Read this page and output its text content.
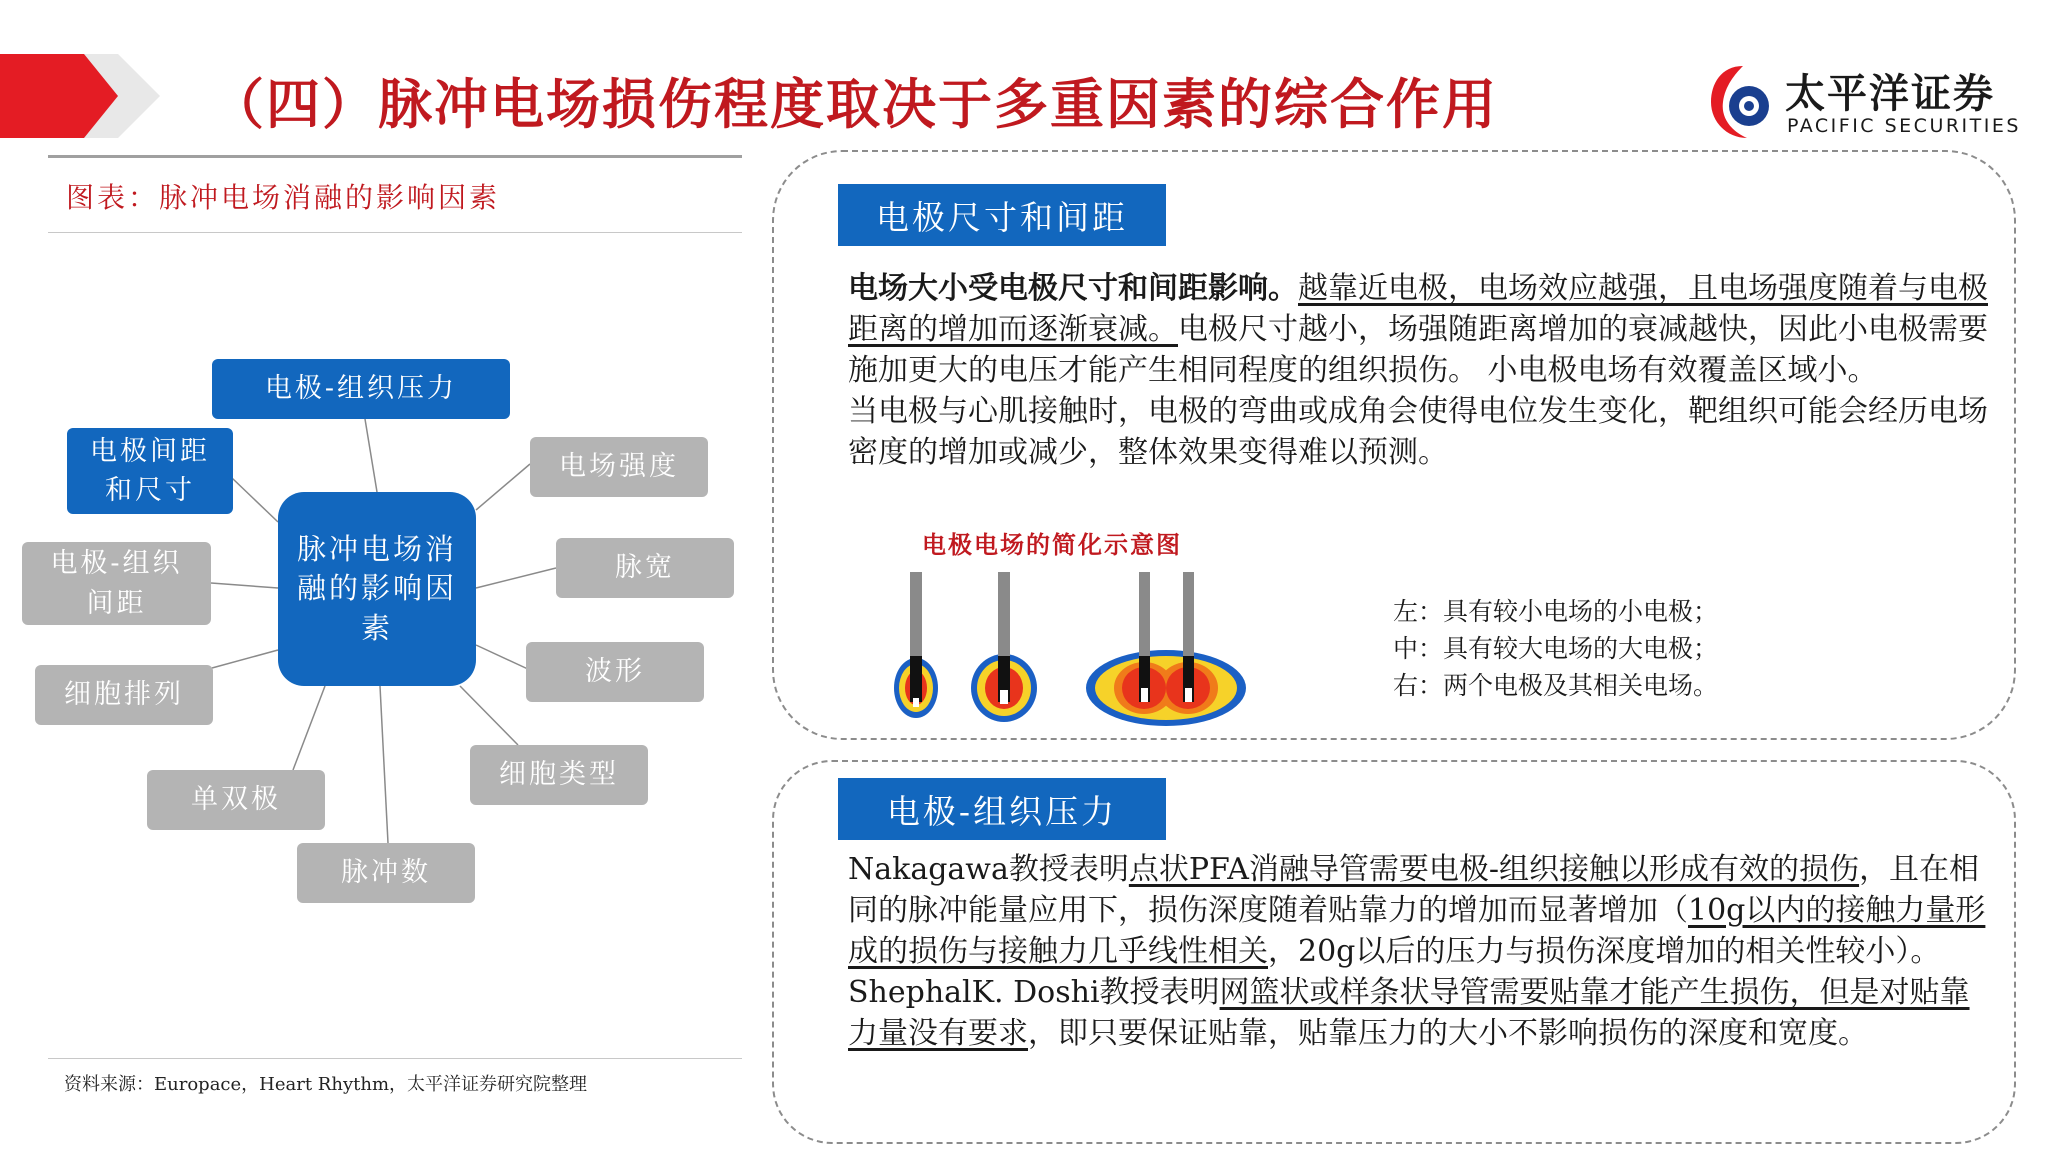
（四）脉冲电场损伤程度取决于多重因素的综合作用	太平洋证券
PACIFIC SECURITIES
图表：脉冲电场消融的影响因素
电极-组织压力
电极间距和尺寸
电场强度
电极-组织间距
脉宽
波形
细胞排列
细胞类型
单双极
脉冲数
脉冲电场消融的影响因素
资料来源：Europace，Heart Rhythm，太平洋证券研究院整理
电极尺寸和间距

电场大小受电极尺寸和间距影响。越靠近电极，电场效应越强，且电场强度随着与电极距离的增加而逐渐衰减。电极尺寸越小，场强随距离增加的衰减越快，因此小电极需要施加更大的电压才能产生相同程度的组织损伤。 小电极电场有效覆盖区域小。

当电极与心肌接触时，电极的弯曲或成角会使得电位发生变化，靶组织可能会经历电场密度的增加或减少，整体效果变得难以预测。

电极电场的简化示意图
左：具有较小电场的小电极；
中：具有较大电场的大电极；
右：两个电极及其相关电场。
电极-组织压力

Nakagawa教授表明点状PFA消融导管需要电极-组织接触以形成有效的损伤，且在相同的脉冲能量应用下，损伤深度随着贴靠力的增加而显著增加（10g以内的接触力量形成的损伤与接触力几乎线性相关，20g以后的压力与损伤深度增加的相关性较小）。

ShephalK. Doshi教授表明网篮状或样条状导管需要贴靠才能产生损伤，但是对贴靠力量没有要求，即只要保证贴靠，贴靠压力的大小不影响损伤的深度和宽度。
